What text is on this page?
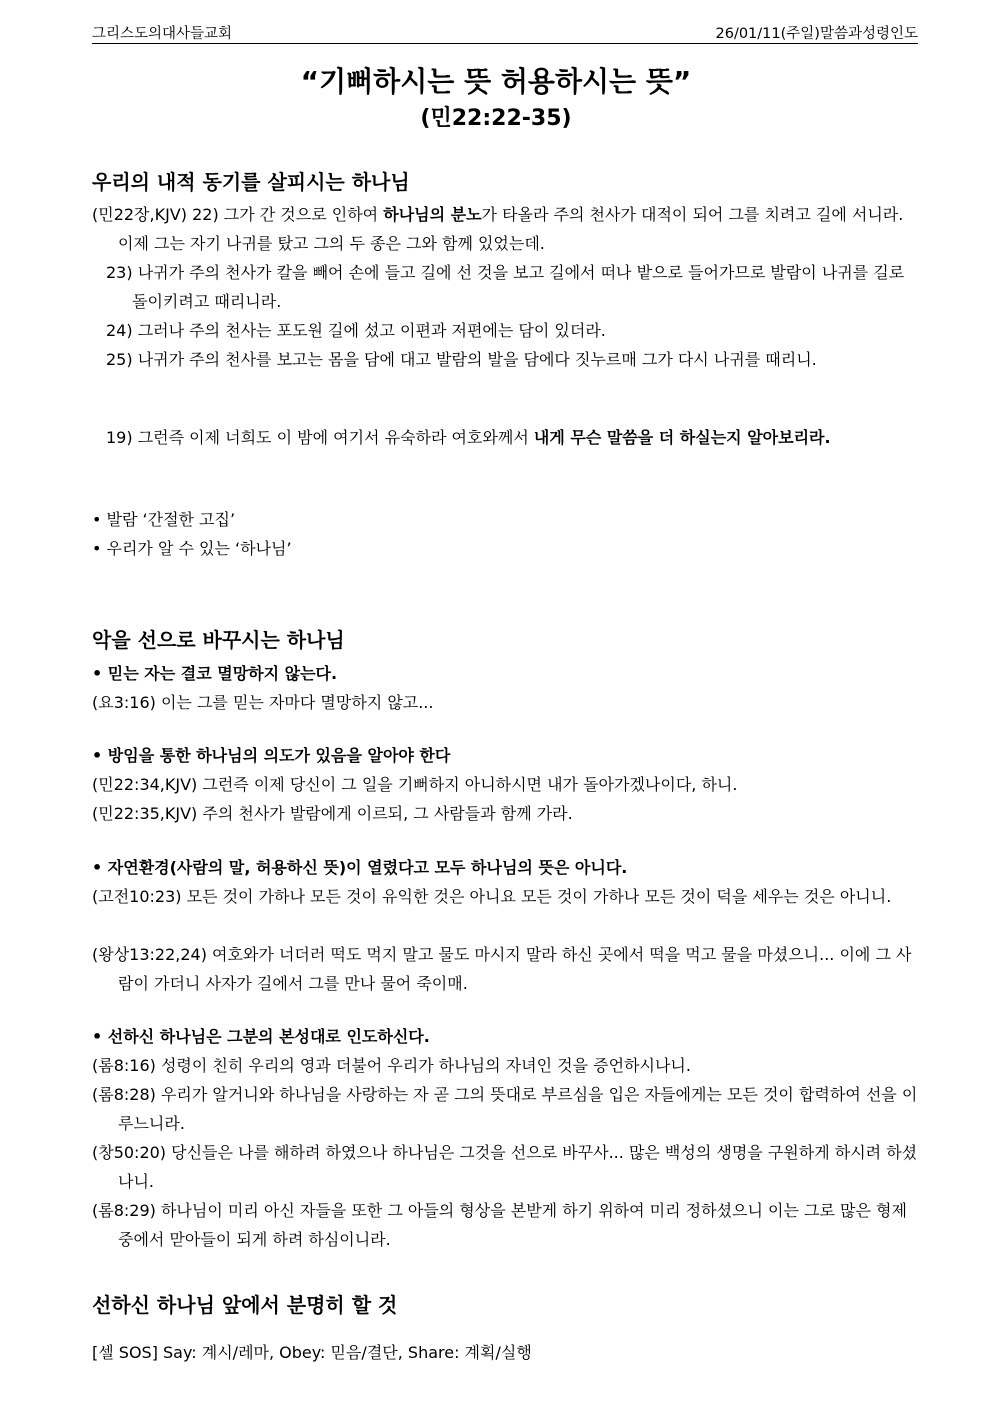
그리스도의대사들교회	26/01/11(주일)말씀과성령인도
“기뻐하시는 뜻 허용하시는 뜻”
(민22:22-35)
우리의 내적 동기를 살피시는 하나님
(민22장,KJV) 22) 그가 간 것으로 인하여 하나님의 분노가 타올라 주의 천사가 대적이 되어 그를 치려고 길에 서니라. 이제 그는 자기 나귀를 탔고 그의 두 종은 그와 함께 있었는데.
23) 나귀가 주의 천사가 칼을 빼어 손에 들고 길에 선 것을 보고 길에서 떠나 밭으로 들어가므로 발람이 나귀를 길로 돌이키려고 때리니라.
24) 그러나 주의 천사는 포도원 길에 섰고 이편과 저편에는 담이 있더라.
25) 나귀가 주의 천사를 보고는 몸을 담에 대고 발람의 발을 담에다 짓누르매 그가 다시 나귀를 때리니.
19) 그런즉 이제 너희도 이 밤에 여기서 유숙하라 여호와께서 내게 무슨 말씀을 더 하실는지 알아보리라.
• 발람 ‘간절한 고집’
• 우리가 알 수 있는 ‘하나님’
악을 선으로 바꾸시는 하나님
• 믿는 자는 결코 멸망하지 않는다.
(요3:16) 이는 그를 믿는 자마다 멸망하지 않고...
• 방임을 통한 하나님의 의도가 있음을 알아야 한다
(민22:34,KJV) 그런즉 이제 당신이 그 일을 기뻐하지 아니하시면 내가 돌아가겠나이다, 하니.
(민22:35,KJV) 주의 천사가 발람에게 이르되, 그 사람들과 함께 가라.
• 자연환경(사람의 말, 허용하신 뜻)이 열렸다고 모두 하나님의 뜻은 아니다.
(고전10:23) 모든 것이 가하나 모든 것이 유익한 것은 아니요 모든 것이 가하나 모든 것이 덕을 세우는 것은 아니니.
(왕상13:22,24) 여호와가 너더러 떡도 먹지 말고 물도 마시지 말라 하신 곳에서 떡을 먹고 물을 마셨으니... 이에 그 사람이 가더니 사자가 길에서 그를 만나 물어 죽이매.
• 선하신 하나님은 그분의 본성대로 인도하신다.
(롬8:16) 성령이 친히 우리의 영과 더불어 우리가 하나님의 자녀인 것을 증언하시나니.
(롬8:28) 우리가 알거니와 하나님을 사랑하는 자 곧 그의 뜻대로 부르심을 입은 자들에게는 모든 것이 합력하여 선을 이루느니라.
(창50:20) 당신들은 나를 해하려 하였으나 하나님은 그것을 선으로 바꾸사... 많은 백성의 생명을 구원하게 하시려 하셨나니.
(롬8:29) 하나님이 미리 아신 자들을 또한 그 아들의 형상을 본받게 하기 위하여 미리 정하셨으니 이는 그로 많은 형제 중에서 맏아들이 되게 하려 하심이니라.
선하신 하나님 앞에서 분명히 할 것
[셀 SOS] Say: 계시/레마, Obey: 믿음/결단, Share: 계획/실행
